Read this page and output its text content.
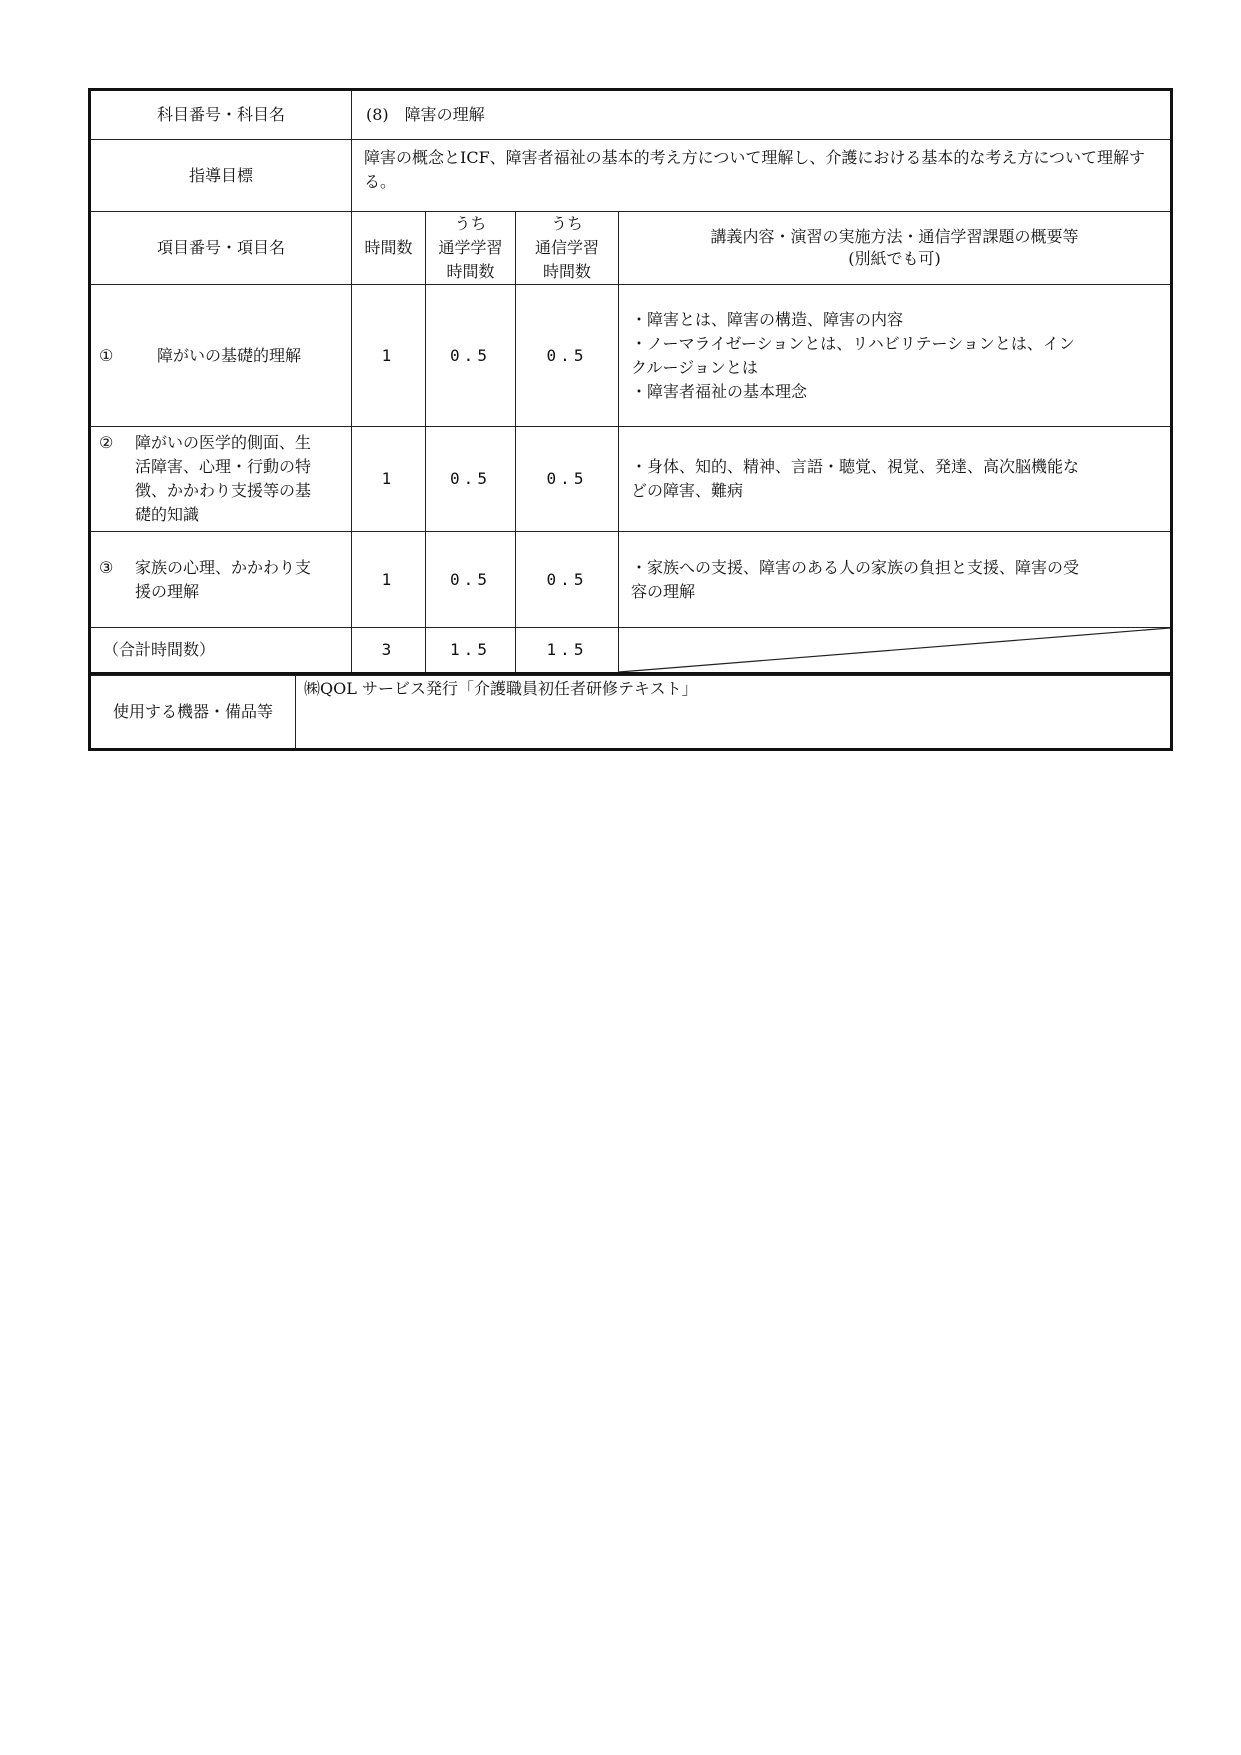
科目番号・科目名	(8)　障害の理解			
指導目標	障害の概念とICF、障害者福祉の基本的考え方について理解し、介護における基本的な考え方について理解する。			
項目番号・項目名	時間数	うち
通学学習
時間数	うち
通信学習
時間数	講義内容・演習の実施方法・通信学習課題の概要等
(別紙でも可)

① 障がいの基礎的理解	1	0.5	0.5	・障害とは、障害の構造、障害の内容
・ノーマライゼーションとは、リハビリテーションとは、イン
クルージョンとは
・障害者福祉の基本理念

② 障がいの医学的側面、生
活障害、心理・行動の特
徴、かかわり支援等の基
礎的知識	1	0.5	0.5	・身体、知的、精神、言語・聴覚、視覚、発達、高次脳機能な
どの障害、難病

③ 家族の心理、かかわり支
援の理解	1	0.5	0.5	・家族への支援、障害のある人の家族の負担と支援、障害の受
容の理解

（合計時間数）	3	1.5	1.5	
使用する機器・備品等	㈱QOL サービス発行「介護職員初任者研修テキスト」
